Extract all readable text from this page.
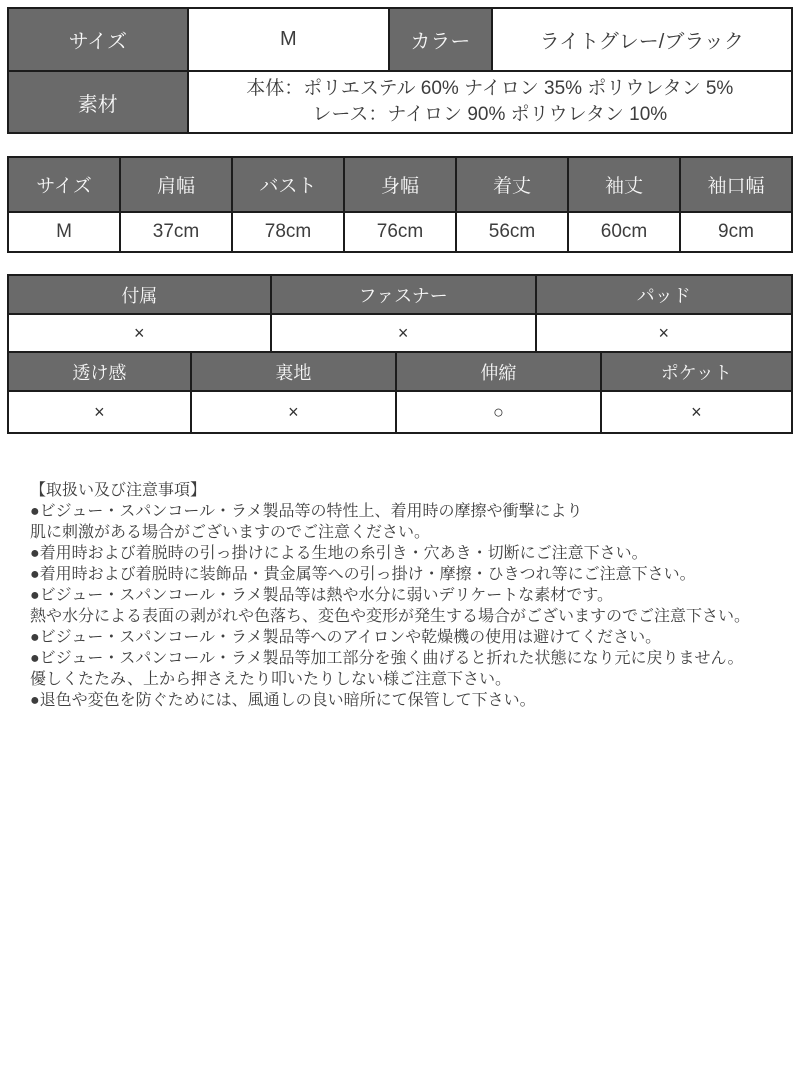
サイズ	M	カラー	ライトグレー/ブラック
素材	本体：ポリエステル 60% ナイロン 35% ポリウレタン 5%
レース：ナイロン 90% ポリウレタン 10%		
サイズ	肩幅	バスト	身幅	着丈	袖丈	袖口幅
M	37cm	78cm	76cm	56cm	60cm	9cm
付属	ファスナー	パッド
×	×	×
透け感	裏地	伸縮	ポケット
×	×	○	×
【取扱い及び注意事項】
●ビジュー・スパンコール・ラメ製品等の特性上、着用時の摩擦や衝撃により
肌に刺激がある場合がございますのでご注意ください。
●着用時および着脱時の引っ掛けによる生地の糸引き・穴あき・切断にご注意下さい。
●着用時および着脱時に装飾品・貴金属等への引っ掛け・摩擦・ひきつれ等にご注意下さい。
●ビジュー・スパンコール・ラメ製品等は熱や水分に弱いデリケートな素材です。
熱や水分による表面の剥がれや色落ち、変色や変形が発生する場合がございますのでご注意下さい。
●ビジュー・スパンコール・ラメ製品等へのアイロンや乾燥機の使用は避けてください。
●ビジュー・スパンコール・ラメ製品等加工部分を強く曲げると折れた状態になり元に戻りません。
優しくたたみ、上から押さえたり叩いたりしない様ご注意下さい。
●退色や変色を防ぐためには、風通しの良い暗所にて保管して下さい。
